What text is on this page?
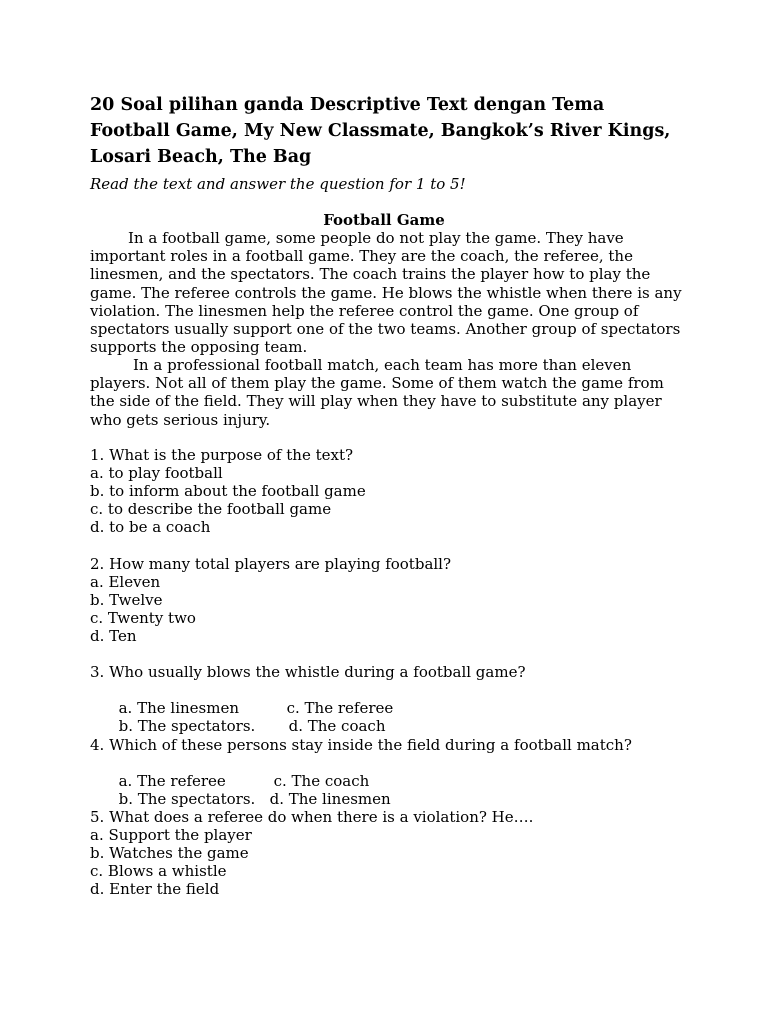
20 Soal pilihan ganda Descriptive Text dengan Tema Football Game, My New Classmate, Bangkok’s River Kings, Losari Beach, The Bag

Read the text and answer the question for 1 to 5!

Football Game

In a football game, some people do not play the game. They have important roles in a football game. They are the coach, the referee, the linesmen, and the spectators. The coach trains the player how to play the game. The referee controls the game. He blows the whistle when there is any violation. The linesmen help the referee control the game. One group of spectators usually support one of the two teams. Another group of spectators supports the opposing team.

In a professional football match, each team has more than eleven players. Not all of them play the game. Some of them watch the game from the side of the field. They will play when they have to substitute any player who gets serious injury.

1. What is the purpose of the text?
a. to play football
b. to inform about the football game
c. to describe the football game
d. to be a coach
2. How many total players are playing football?
a. Eleven
b. Twelve
c. Twenty two
d. Ten
3. Who usually blows the whistle during a football game?

a. The linesmen	c. The referee

b. The spectators. d. The coach

4. Which of these persons stay inside the field during a football match?

a. The referee	c. The coach

b. The spectators. d. The linesmen

5. What does a referee do when there is a violation? He….
a. Support the player
b. Watches the game
c. Blows a whistle
d. Enter the field
